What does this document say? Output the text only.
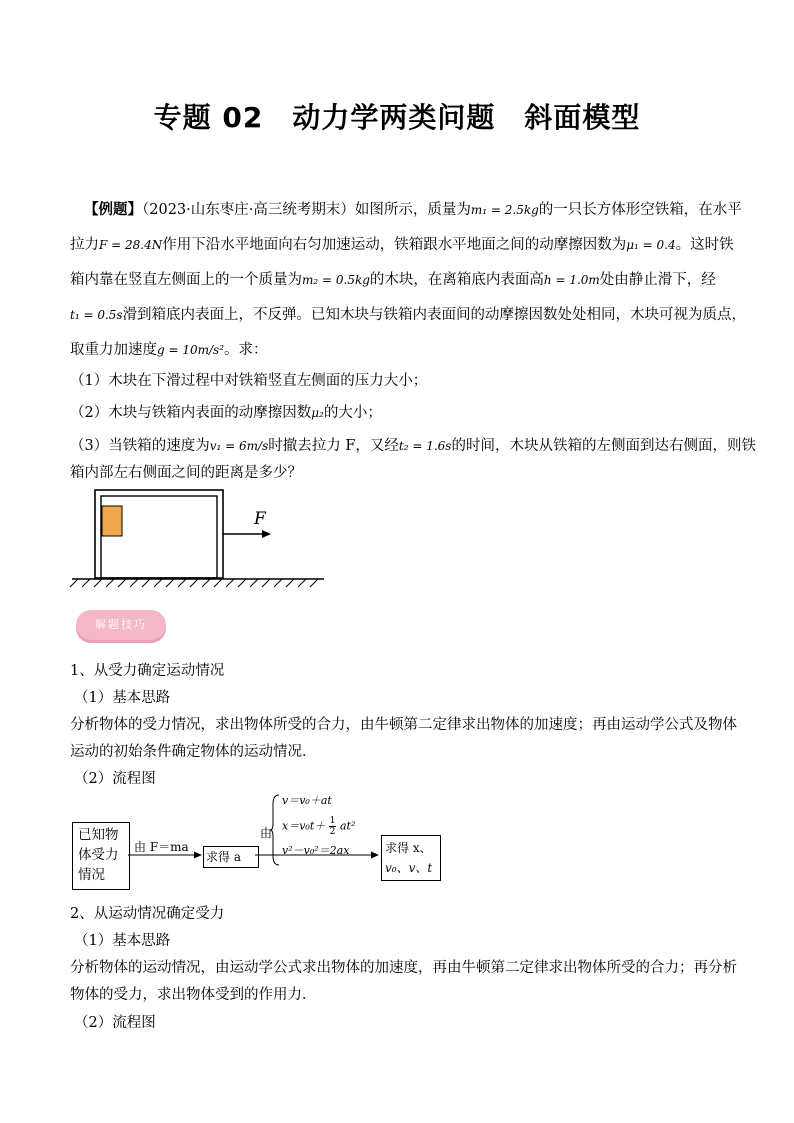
专题 02　动力学两类问题　斜面模型
【例题】（2023·山东枣庄·高三统考期末）如图所示，质量为m₁ = 2.5kg的一只长方体形空铁箱，在水平
拉力F = 28.4N作用下沿水平地面向右匀加速运动，铁箱跟水平地面之间的动摩擦因数为μ₁ = 0.4。这时铁
箱内靠在竖直左侧面上的一个质量为m₂ = 0.5kg的木块，在离箱底内表面高h = 1.0m处由静止滑下，经
t₁ = 0.5s滑到箱底内表面上，不反弹。已知木块与铁箱内表面间的动摩擦因数处处相同，木块可视为质点，
取重力加速度g = 10m/s²。求：
（1）木块在下滑过程中对铁箱竖直左侧面的压力大小；
（2）木块与铁箱内表面的动摩擦因数μ₂的大小；
（3）当铁箱的速度为v₁ = 6m/s时撤去拉力 F，又经t₂ = 1.6s的时间，木块从铁箱的左侧面到达右侧面，则铁
箱内部左右侧面之间的距离是多少？
F
解题技巧
1、从受力确定运动情况
（1）基本思路
分析物体的受力情况，求出物体所受的合力，由牛顿第二定律求出物体的加速度；再由运动学公式及物体
运动的初始条件确定物体的运动情况．
（2）流程图
已知物
体受力
情况
由 F＝ma
求得 a
由
v＝v₀＋at
$x=v_0t+ \frac{1}{2} at^2$
v²－v₀²＝2ax	求得 x、
v₀、v、t
2、从运动情况确定受力
（1）基本思路
分析物体的运动情况，由运动学公式求出物体的加速度，再由牛顿第二定律求出物体所受的合力；再分析
物体的受力，求出物体受到的作用力．
（2）流程图
